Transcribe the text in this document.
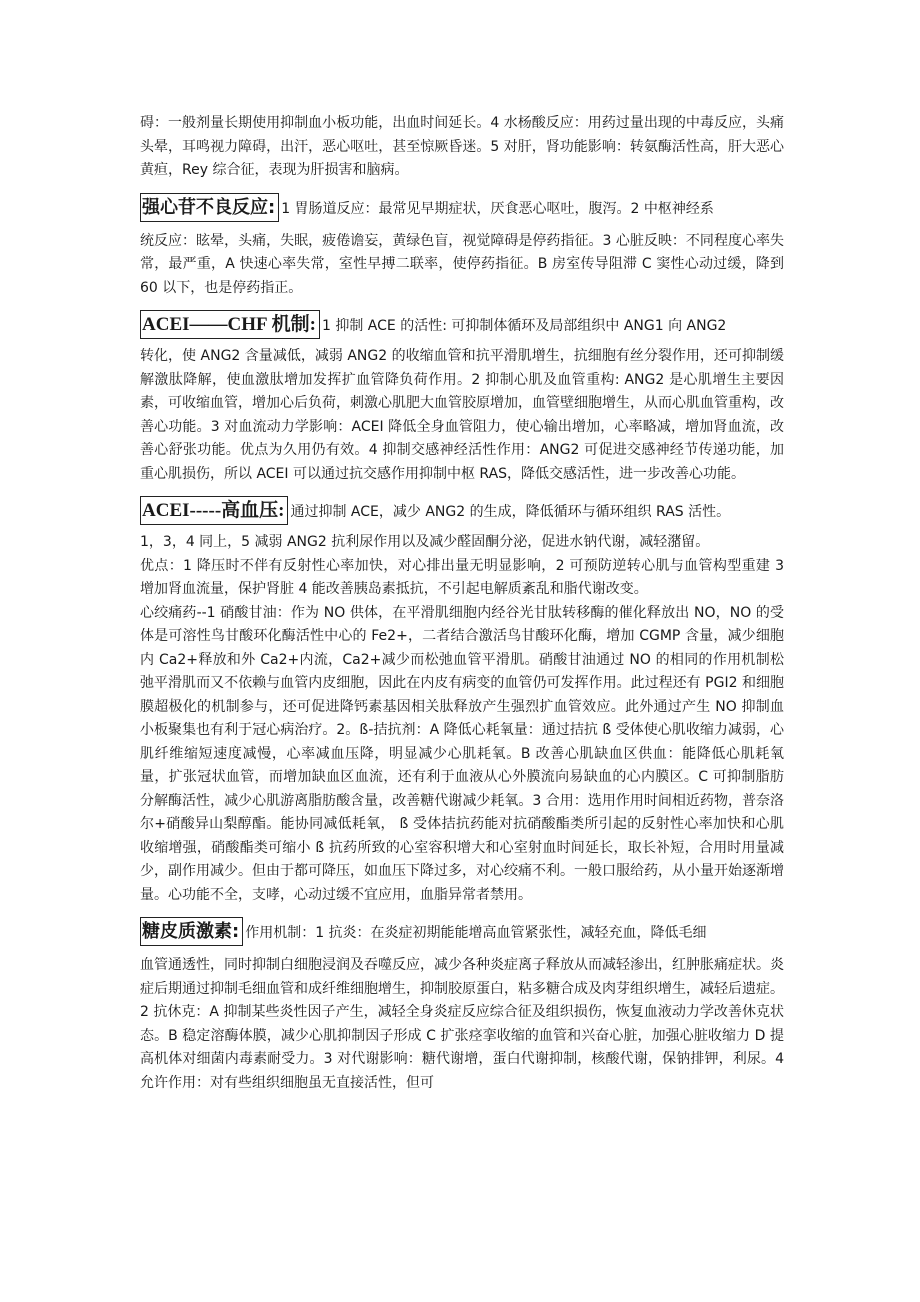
碍：一般剂量长期使用抑制血小板功能，出血时间延长。4 水杨酸反应：用药过量出现的中毒反应，头痛头晕，耳鸣视力障碍，出汗，恶心呕吐，甚至惊厥昏迷。5 对肝，肾功能影响：转氨酶活性高，肝大恶心黄疸，Rey 综合征，表现为肝损害和脑病。

强心苷不良反应: 1 胃肠道反应：最常见早期症状，厌食恶心呕吐，腹泻。2 中枢神经系

统反应：眩晕，头痛，失眠，疲倦谵妄，黄绿色盲，视觉障碍是停药指征。3 心脏反映：不同程度心率失常，最严重，A 快速心率失常，室性早搏二联率，使停药指征。B 房室传导阻滞 C 窦性心动过缓，降到 60 以下，也是停药指正。

ACEI——CHF 机制: 1 抑制 ACE 的活性: 可抑制体循环及局部组织中 ANG1 向 ANG2

转化，使 ANG2 含量减低，减弱 ANG2 的收缩血管和抗平滑肌增生，抗细胞有丝分裂作用，还可抑制缓解激肽降解，使血激肽增加发挥扩血管降负荷作用。2 抑制心肌及血管重构: ANG2 是心肌增生主要因素，可收缩血管，增加心后负荷，刺激心肌肥大血管胶原增加，血管壁细胞增生，从而心肌血管重构，改善心功能。3 对血流动力学影响：ACEI 降低全身血管阻力，使心输出增加，心率略减，增加肾血流，改善心舒张功能。优点为久用仍有效。4 抑制交感神经活性作用：ANG2 可促进交感神经节传递功能，加重心肌损伤，所以 ACEI 可以通过抗交感作用抑制中枢 RAS，降低交感活性，进一步改善心功能。

ACEI-----高血压: 通过抑制 ACE，减少 ANG2 的生成，降低循环与循环组织 RAS 活性。

1，3，4 同上，5 减弱 ANG2 抗利尿作用以及减少醛固酮分泌，促进水钠代谢，减轻潴留。

优点：1 降压时不伴有反射性心率加快，对心排出量无明显影响，2 可预防逆转心肌与血管构型重建 3 增加肾血流量，保护肾脏 4 能改善胰岛素抵抗，不引起电解质紊乱和脂代谢改变。

心绞痛药--1 硝酸甘油：作为 NO 供体，在平滑肌细胞内经谷光甘肽转移酶的催化释放出 NO，NO 的受体是可溶性鸟甘酸环化酶活性中心的 Fe2+，二者结合激活鸟甘酸环化酶，增加 CGMP 含量，减少细胞内 Ca2+释放和外 Ca2+内流，Ca2+减少而松弛血管平滑肌。硝酸甘油通过 NO 的相同的作用机制松弛平滑肌而又不依赖与血管内皮细胞，因此在内皮有病变的血管仍可发挥作用。此过程还有 PGI2 和细胞膜超极化的机制参与，还可促进降钙素基因相关肽释放产生强烈扩血管效应。此外通过产生 NO 抑制血小板聚集也有利于冠心病治疗。2。ß-拮抗剂：A 降低心耗氧量：通过拮抗 ß 受体使心肌收缩力减弱，心肌纤维缩短速度减慢，心率减血压降，明显减少心肌耗氧。B 改善心肌缺血区供血：能降低心肌耗氧量，扩张冠状血管，而增加缺血区血流，还有利于血液从心外膜流向易缺血的心内膜区。C 可抑制脂肪分解酶活性，减少心肌游离脂肪酸含量，改善糖代谢减少耗氧。3 合用：选用作用时间相近药物，普奈洛尔+硝酸异山梨醇酯。能协同减低耗氧， ß 受体拮抗药能对抗硝酸酯类所引起的反射性心率加快和心肌收缩增强，硝酸酯类可缩小 ß 抗药所致的心室容积增大和心室射血时间延长，取长补短，合用时用量减少，副作用减少。但由于都可降压，如血压下降过多，对心绞痛不利。一般口服给药，从小量开始逐渐增量。心功能不全，支哮，心动过缓不宜应用，血脂异常者禁用。

糖皮质激素: 作用机制：1 抗炎：在炎症初期能能增高血管紧张性，减轻充血，降低毛细

血管通透性，同时抑制白细胞浸润及吞噬反应，减少各种炎症离子释放从而减轻渗出，红肿胀痛症状。炎症后期通过抑制毛细血管和成纤维细胞增生，抑制胶原蛋白，粘多糖合成及肉芽组织增生，减轻后遗症。2 抗休克：A 抑制某些炎性因子产生，减轻全身炎症反应综合征及组织损伤，恢复血液动力学改善休克状态。B 稳定溶酶体膜，减少心肌抑制因子形成 C 扩张痉挛收缩的血管和兴奋心脏，加强心脏收缩力 D 提高机体对细菌内毒素耐受力。3 对代谢影响：糖代谢增，蛋白代谢抑制，核酸代谢，保钠排钾，利尿。4 允许作用：对有些组织细胞虽无直接活性，但可
